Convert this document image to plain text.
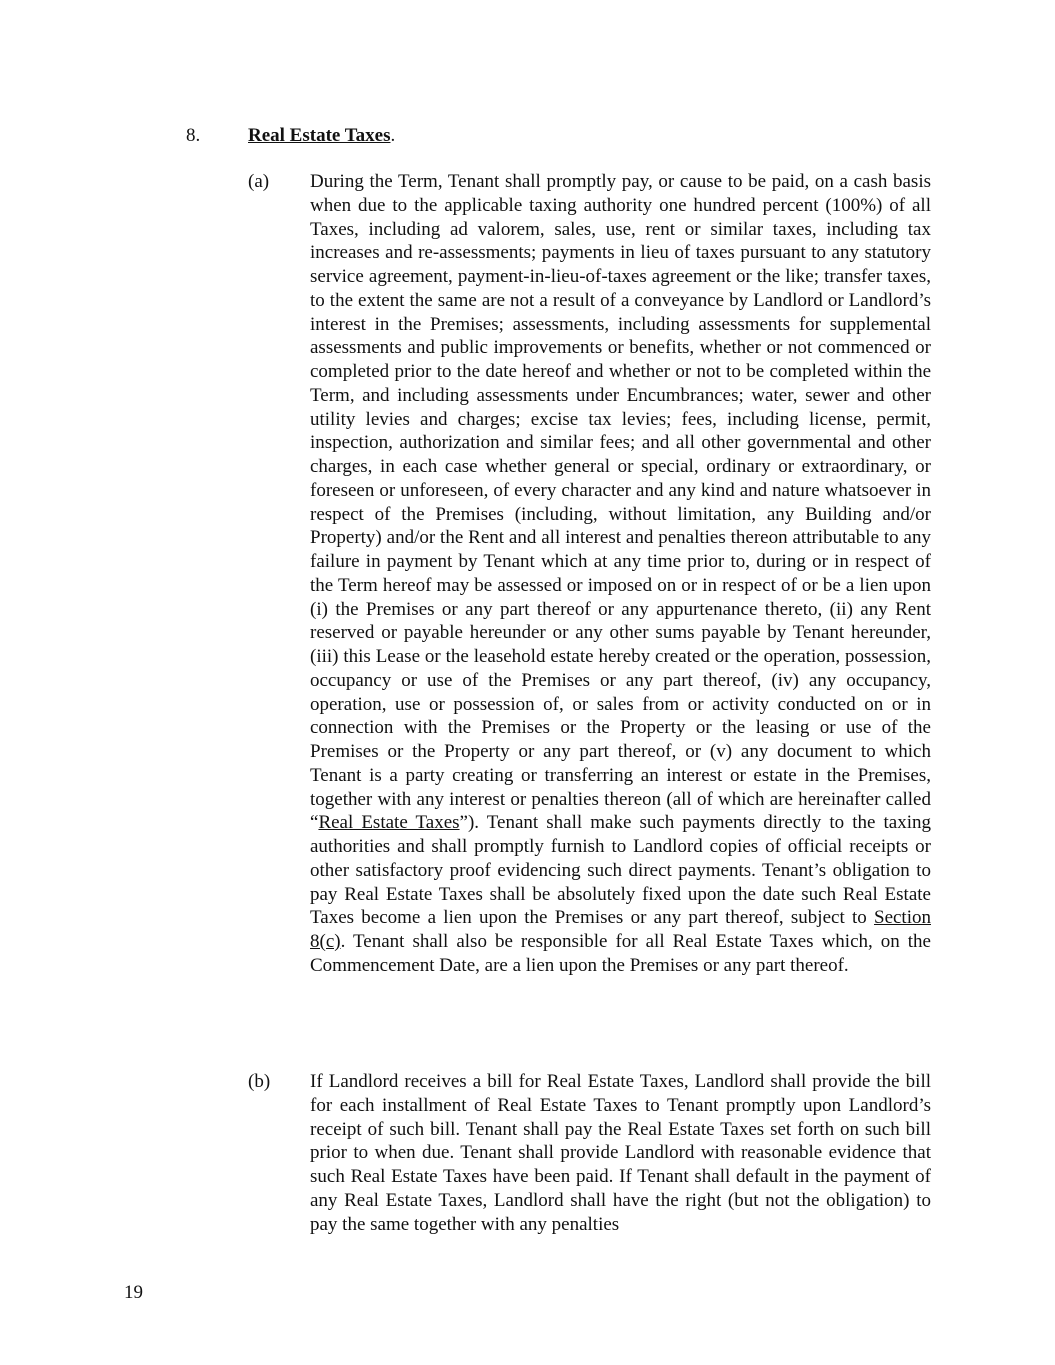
8.	Real Estate Taxes.
(a) During the Term, Tenant shall promptly pay, or cause to be paid, on a cash basis when due to the applicable taxing authority one hundred percent (100%) of all Taxes, including ad valorem, sales, use, rent or similar taxes, including tax increases and re-assessments; payments in lieu of taxes pursuant to any statutory service agreement, payment-in-lieu-of-taxes agreement or the like; transfer taxes, to the extent the same are not a result of a conveyance by Landlord or Landlord’s interest in the Premises; assessments, including assessments for supplemental assessments and public improvements or benefits, whether or not commenced or completed prior to the date hereof and whether or not to be completed within the Term, and including assessments under Encumbrances; water, sewer and other utility levies and charges; excise tax levies; fees, including license, permit, inspection, authorization and similar fees; and all other governmental and other charges, in each case whether general or special, ordinary or extraordinary, or foreseen or unforeseen, of every character and any kind and nature whatsoever in respect of the Premises (including, without limitation, any Building and/or Property) and/or the Rent and all interest and penalties thereon attributable to any failure in payment by Tenant which at any time prior to, during or in respect of the Term hereof may be assessed or imposed on or in respect of or be a lien upon (i) the Premises or any part thereof or any appurtenance thereto, (ii) any Rent reserved or payable hereunder or any other sums payable by Tenant hereunder, (iii) this Lease or the leasehold estate hereby created or the operation, possession, occupancy or use of the Premises or any part thereof, (iv) any occupancy, operation, use or possession of, or sales from or activity conducted on or in connection with the Premises or the Property or the leasing or use of the Premises or the Property or any part thereof, or (v) any document to which Tenant is a party creating or transferring an interest or estate in the Premises, together with any interest or penalties thereon (all of which are hereinafter called “Real Estate Taxes”). Tenant shall make such payments directly to the taxing authorities and shall promptly furnish to Landlord copies of official receipts or other satisfactory proof evidencing such direct payments. Tenant’s obligation to pay Real Estate Taxes shall be absolutely fixed upon the date such Real Estate Taxes become a lien upon the Premises or any part thereof, subject to Section 8(c). Tenant shall also be responsible for all Real Estate Taxes which, on the Commencement Date, are a lien upon the Premises or any part thereof.
(b) If Landlord receives a bill for Real Estate Taxes, Landlord shall provide the bill for each installment of Real Estate Taxes to Tenant promptly upon Landlord’s receipt of such bill. Tenant shall pay the Real Estate Taxes set forth on such bill prior to when due. Tenant shall provide Landlord with reasonable evidence that such Real Estate Taxes have been paid. If Tenant shall default in the payment of any Real Estate Taxes, Landlord shall have the right (but not the obligation) to pay the same together with any penalties
19
